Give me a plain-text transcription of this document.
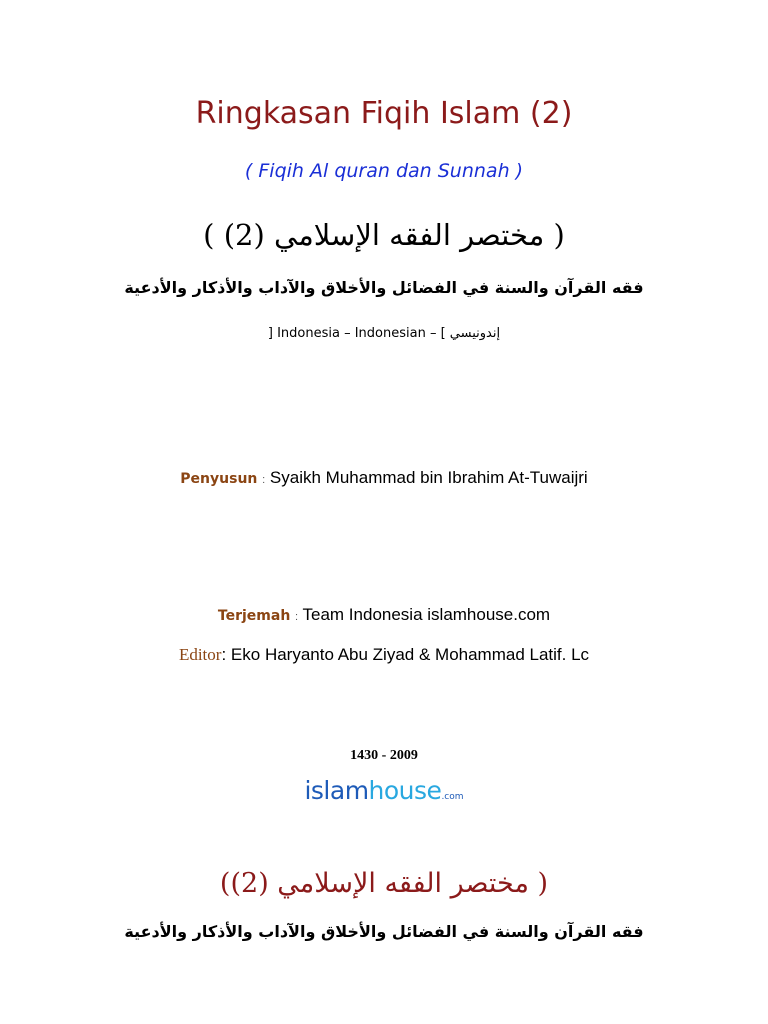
Ringkasan Fiqih Islam (2)
( Fiqih Al quran dan Sunnah )
( مختصر الفقه الإسلامي (2) )
فقه القرآن والسنة في الفضائل والأخلاق والآداب والأذكار والأدعية
] Indonesia – Indonesian – [ إندونيسي
Penyusun : Syaikh Muhammad bin Ibrahim At-Tuwaijri
Terjemah : Team Indonesia islamhouse.com
Editor: Eko Haryanto Abu Ziyad & Mohammad Latif. Lc
1430 - 2009
islamhouse.com
( مختصر الفقه الإسلامي (2))
فقه القرآن والسنة في الفضائل والأخلاق والآداب والأذكار والأدعية
